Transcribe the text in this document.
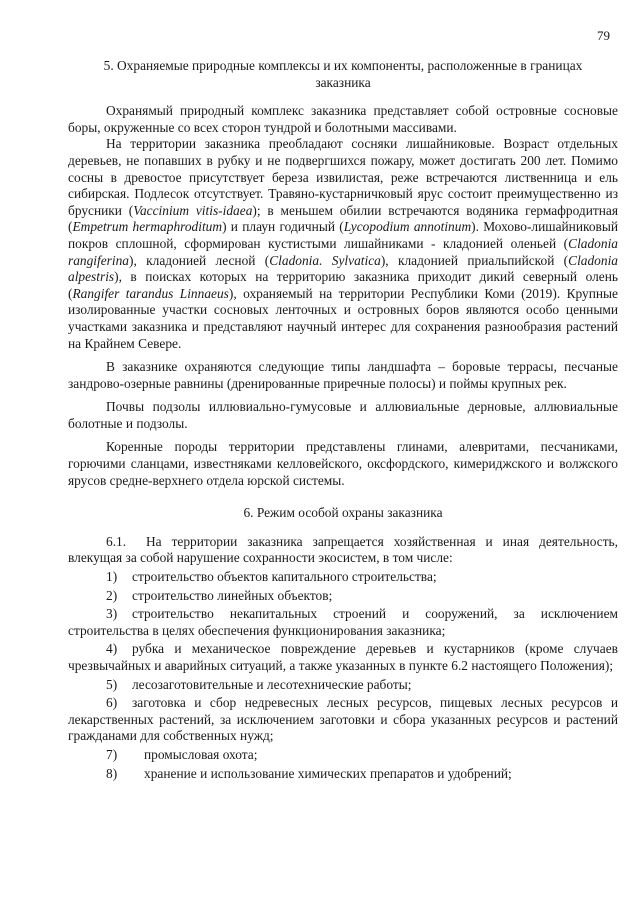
79
5. Охраняемые природные комплексы и их компоненты, расположенные в границах
заказника

Охранямый природный комплекс заказника представляет собой островные сосновые боры, окруженные со всех сторон тундрой и болотными массивами.

На территории заказника преобладают сосняки лишайниковые. Возраст отдельных деревьев, не попавших в рубку и не подвергшихся пожару, может достигать 200 лет. Помимо сосны в древостое присутствует береза извилистая, реже встречаются лиственница и ель сибирская. Подлесок отсутствует. Травяно-кустарничковый ярус состоит преимущественно из брусники (Vaccinium vitis-idaea); в меньшем обилии встречаются водяника гермафродитная (Empetrum hermaphroditum) и плаун годичный (Lycopodium annotinum). Мохово-лишайниковый покров сплошной, сформирован кустистыми лишайниками - кладонией оленьей (Cladonia rangiferina), кладонией лесной (Cladonia. Sylvatica), кладонией приальпийской (Cladonia alpestris), в поисках которых на территорию заказника приходит дикий северный олень (Rangifer tarandus Linnaeus), охраняемый на территории Республики Коми (2019). Крупные изолированные участки сосновых ленточных и островных боров являются особо ценными участками заказника и представляют научный интерес для сохранения разнообразия растений на Крайнем Севере.

В заказнике охраняются следующие типы ландшафта – боровые террасы, песчаные зандрово-озерные равнины (дренированные приречные полосы) и поймы крупных рек.

Почвы подзолы иллювиально-гумусовые и аллювиальные дерновые, аллювиальные болотные и подзолы.

Коренные породы территории представлены глинами, алевритами, песчаниками, горючими сланцами, известняками келловейского, оксфордского, кимериджского и волжского ярусов средне-верхнего отдела юрской системы.

6. Режим особой охраны заказника
6.1. На территории заказника запрещается хозяйственная и иная деятельность, влекущая за собой нарушение сохранности экосистем, в том числе:
1) строительство объектов капитального строительства;
2) строительство линейных объектов;
3) строительство некапитальных строений и сооружений, за исключением строительства в целях обеспечения функционирования заказника;
4) рубка и механическое повреждение деревьев и кустарников (кроме случаев чрезвычайных и аварийных ситуаций, а также указанных в пункте 6.2 настоящего Положения);
5) лесозаготовительные и лесотехнические работы;
6) заготовка и сбор недревесных лесных ресурсов, пищевых лесных ресурсов и лекарственных растений, за исключением заготовки и сбора указанных ресурсов и растений гражданами для собственных нужд;
7) промысловая охота;
8) хранение и использование химических препаратов и удобрений;
